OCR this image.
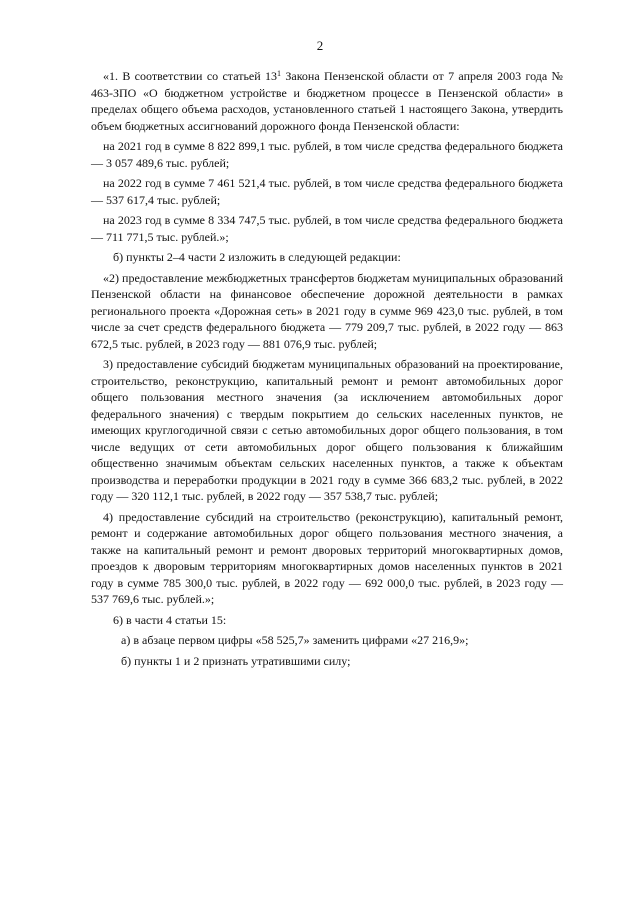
2

«1. В соответствии со статьей $13^1$ Закона Пензенской области от 7 апреля 2003 года № 463-ЗПО «О бюджетном устройстве и бюджетном процессе в Пензенской области» в пределах общего объема расходов, установленного статьей 1 настоящего Закона, утвердить объем бюджетных ассигнований дорожного фонда Пензенской области:

на 2021 год в сумме 8 822 899,1 тыс. рублей, в том числе средства федерального бюджета — 3 057 489,6 тыс. рублей;

на 2022 год в сумме 7 461 521,4 тыс. рублей, в том числе средства федерального бюджета — 537 617,4 тыс. рублей;

на 2023 год в сумме 8 334 747,5 тыс. рублей, в том числе средства федерального бюджета — 711 771,5 тыс. рублей.»;

б) пункты 2–4 части 2 изложить в следующей редакции:

«2) предоставление межбюджетных трансфертов бюджетам муниципальных образований Пензенской области на финансовое обеспечение дорожной деятельности в рамках регионального проекта «Дорожная сеть» в 2021 году в сумме 969 423,0 тыс. рублей, в том числе за счет средств федерального бюджета — 779 209,7 тыс. рублей, в 2022 году — 863 672,5 тыс. рублей, в 2023 году — 881 076,9 тыс. рублей;

3) предоставление субсидий бюджетам муниципальных образований на проектирование, строительство, реконструкцию, капитальный ремонт и ремонт автомобильных дорог общего пользования местного значения (за исключением автомобильных дорог федерального значения) с твердым покрытием до сельских населенных пунктов, не имеющих круглогодичной связи с сетью автомобильных дорог общего пользования, в том числе ведущих от сети автомобильных дорог общего пользования к ближайшим общественно значимым объектам сельских населенных пунктов, а также к объектам производства и переработки продукции в 2021 году в сумме 366 683,2 тыс. рублей, в 2022 году — 320 112,1 тыс. рублей, в 2022 году — 357 538,7 тыс. рублей;

4) предоставление субсидий на строительство (реконструкцию), капитальный ремонт, ремонт и содержание автомобильных дорог общего пользования местного значения, а также на капитальный ремонт и ремонт дворовых территорий многоквартирных домов, проездов к дворовым территориям многоквартирных домов населенных пунктов в 2021 году в сумме 785 300,0 тыс. рублей, в 2022 году — 692 000,0 тыс. рублей, в 2023 году — 537 769,6 тыс. рублей.»;

6) в части 4 статьи 15:

а) в абзаце первом цифры «58 525,7» заменить цифрами «27 216,9»;

б) пункты 1 и 2 признать утратившими силу;
